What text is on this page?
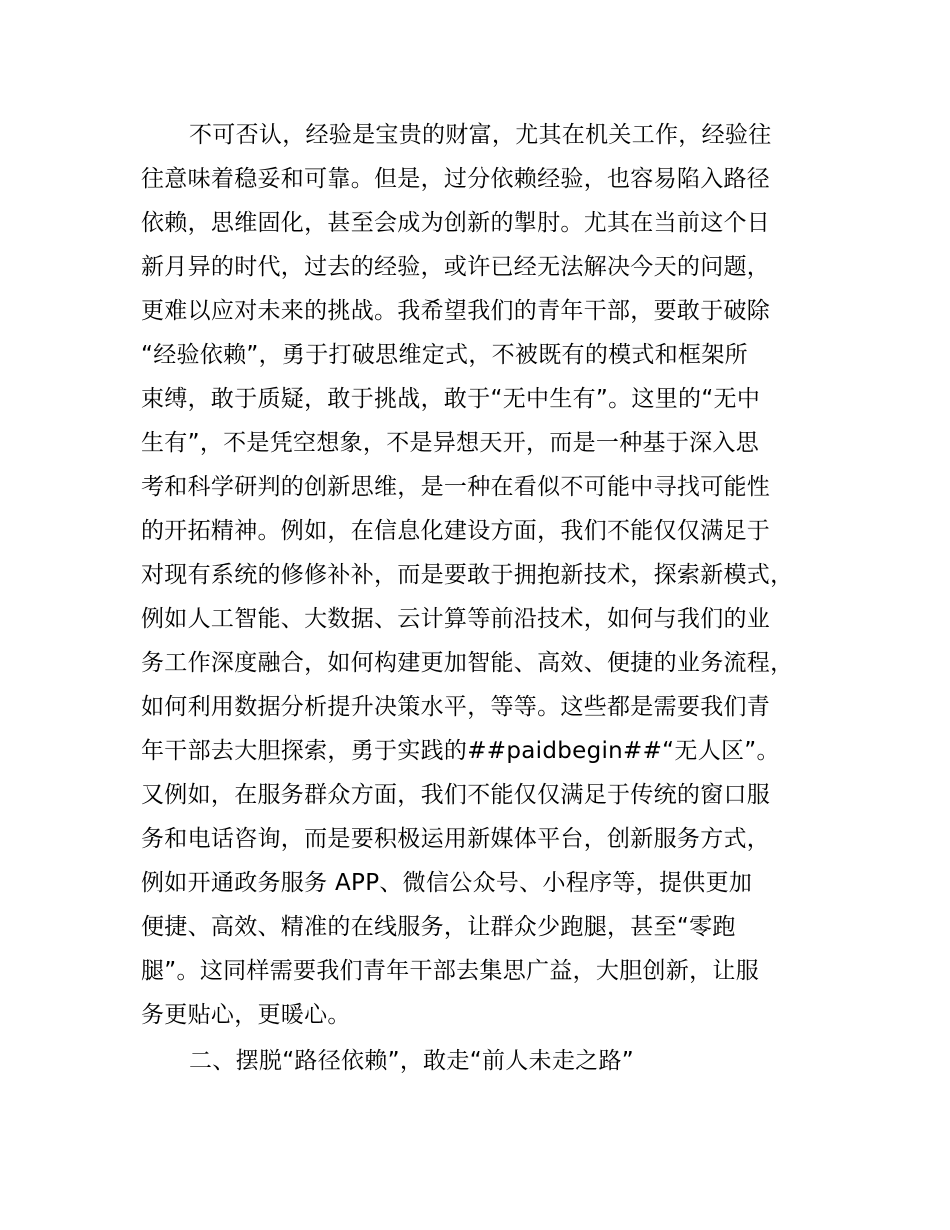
不可否认，经验是宝贵的财富，尤其在机关工作，经验往
往意味着稳妥和可靠。但是，过分依赖经验，也容易陷入路径
依赖，思维固化，甚至会成为创新的掣肘。尤其在当前这个日
新月异的时代，过去的经验，或许已经无法解决今天的问题，
更难以应对未来的挑战。我希望我们的青年干部，要敢于破除
“经验依赖”，勇于打破思维定式，不被既有的模式和框架所
束缚，敢于质疑，敢于挑战，敢于“无中生有”。这里的“无中
生有”，不是凭空想象，不是异想天开，而是一种基于深入思
考和科学研判的创新思维，是一种在看似不可能中寻找可能性
的开拓精神。例如，在信息化建设方面，我们不能仅仅满足于
对现有系统的修修补补，而是要敢于拥抱新技术，探索新模式，
例如人工智能、大数据、云计算等前沿技术，如何与我们的业
务工作深度融合，如何构建更加智能、高效、便捷的业务流程，
如何利用数据分析提升决策水平，等等。这些都是需要我们青
年干部去大胆探索，勇于实践的##paidbegin##“无人区”。
又例如，在服务群众方面，我们不能仅仅满足于传统的窗口服
务和电话咨询，而是要积极运用新媒体平台，创新服务方式，
例如开通政务服务 APP、微信公众号、小程序等，提供更加
便捷、高效、精准的在线服务，让群众少跑腿，甚至“零跑
腿”。这同样需要我们青年干部去集思广益，大胆创新，让服
务更贴心，更暖心。
二、摆脱“路径依赖”，敢走“前人未走之路”
